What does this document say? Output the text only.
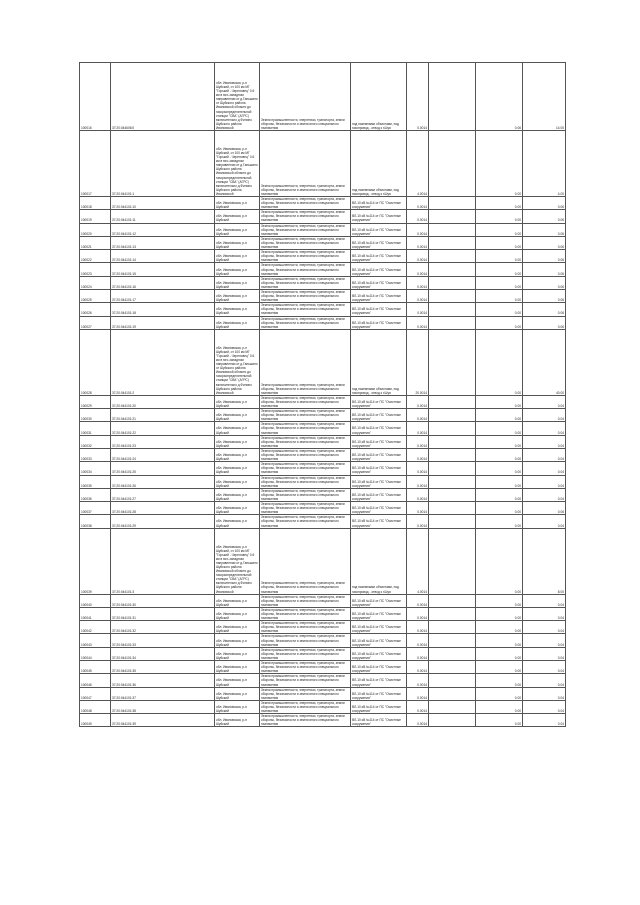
100016	37:20:044606:0	обл. Ивановская, р-н Шуйский, от 100 км МГ "Горький - Череповец" 0.6 км в юго-западном направлении от д.Ганьшино от Шуйского района Ивановской области до газораспределительной станции "СВА" (АГРС) включительно д.Филино Шуйского района Ивановской	Земли промышленности, энергетики, транспорта, земли обороны, безопасности и земли иного специального назначения	под наземными объектами, под газопровод - отвод к г.Шуя	0.0014		0.06	14.00
100017	37:20:044101:1	обл. Ивановская, р-н Шуйский, от 100 км МГ "Горький - Череповец" 0.6 км в юго-западном направлении от д.Ганьшино Шуйского района Ивановской области до газораспределительной станции "СВА" (АГРС) включительно д.Филино Шуйского района Ивановской	Земли промышленности, энергетики, транспорта, земли обороны, безопасности и земли иного специального назначения	под наземными объектами, под газопровод - отвод к г.Шуя	4.0014		0.00	4.00
100018	37:20:044101:10	обл. Ивановская, р-н Шуйский	Земли промышленности, энергетики, транспорта, земли обороны, безопасности и земли иного специального назначения	ВЛ-10 кВ №114 от ПС "Очистные сооружения"	0.0014		0.00	0.06
100019	37:20:044101:11	обл. Ивановская, р-н Шуйский	Земли промышленности, энергетики, транспорта, земли обороны, безопасности и земли иного специального назначения	ВЛ-10 кВ №114 от ПС "Очистные сооружения"	0.0014		0.00	0.06
100020	37:20:044101:12	обл. Ивановская, р-н Шуйский	Земли промышленности, энергетики, транспорта, земли обороны, безопасности и земли иного специального назначения	ВЛ-10 кВ №114 от ПС "Очистные сооружения"	0.0014		0.00	0.06
100021	37:20:044101:13	обл. Ивановская, р-н Шуйский	Земли промышленности, энергетики, транспорта, земли обороны, безопасности и земли иного специального назначения	ВЛ-10 кВ №114 от ПС "Очистные сооружения"	0.0014		0.00	0.06
100022	37:20:044101:14	обл. Ивановская, р-н Шуйский	Земли промышленности, энергетики, транспорта, земли обороны, безопасности и земли иного специального назначения	ВЛ-10 кВ №114 от ПС "Очистные сооружения"	0.0014		0.00	0.06
100023	37:20:044101:15	обл. Ивановская, р-н Шуйский	Земли промышленности, энергетики, транспорта, земли обороны, безопасности и земли иного специального назначения	ВЛ-10 кВ №114 от ПС "Очистные сооружения"	0.0014		0.00	0.06
100024	37:20:044101:16	обл. Ивановская, р-н Шуйский	Земли промышленности, энергетики, транспорта, земли обороны, безопасности и земли иного специального назначения	ВЛ-10 кВ №114 от ПС "Очистные сооружения"	0.0014		0.00	0.06
100025	37:20:044101:17	обл. Ивановская, р-н Шуйский	Земли промышленности, энергетики, транспорта, земли обороны, безопасности и земли иного специального назначения	ВЛ-10 кВ №114 от ПС "Очистные сооружения"	0.0014		0.00	0.06
100026	37:20:044101:18	обл. Ивановская, р-н Шуйский	Земли промышленности, энергетики, транспорта, земли обороны, безопасности и земли иного специального назначения	ВЛ-10 кВ №114 от ПС "Очистные сооружения"	0.0014		0.00	0.06
100027	37:20:044101:19	обл. Ивановская, р-н Шуйский	Земли промышленности, энергетики, транспорта, земли обороны, безопасности и земли иного специального назначения	ВЛ-10 кВ №114 от ПС "Очистные сооружения"	0.0014		0.00	0.06
100028	37:20:044101:2	обл. Ивановская, р-н Шуйский, от 100 км МГ "Горький - Череповец" 0.6 км в юго-западном направлении от д.Ганьшино от Шуйского района Ивановской области до газораспределительной станции "СВА" (АГРС) включительно д.Филино Шуйского района Ивановской	Земли промышленности, энергетики, транспорта, земли обороны, безопасности и земли иного специального назначения	под наземными объектами, под газопровод - отвод к г.Шуя	20.0014		0.00	40.00
100029	37:20:044101:20	обл. Ивановская, р-н Шуйский	Земли промышленности, энергетики, транспорта, земли обороны, безопасности и земли иного специального назначения	ВЛ-10 кВ №114 от ПС "Очистные сооружения"	0.0014		0.00	0.04
100030	37:20:044101:21	обл. Ивановская, р-н Шуйский	Земли промышленности, энергетики, транспорта, земли обороны, безопасности и земли иного специального назначения	ВЛ-10 кВ №114 от ПС "Очистные сооружения"	0.0014		0.00	0.04
100031	37:20:044101:22	обл. Ивановская, р-н Шуйский	Земли промышленности, энергетики, транспорта, земли обороны, безопасности и земли иного специального назначения	ВЛ-10 кВ №114 от ПС "Очистные сооружения"	0.0014		0.00	0.04
100032	37:20:044101:23	обл. Ивановская, р-н Шуйский	Земли промышленности, энергетики, транспорта, земли обороны, безопасности и земли иного специального назначения	ВЛ-10 кВ №114 от ПС "Очистные сооружения"	0.0014		0.00	0.04
100033	37:20:044101:24	обл. Ивановская, р-н Шуйский	Земли промышленности, энергетики, транспорта, земли обороны, безопасности и земли иного специального назначения	ВЛ-10 кВ №114 от ПС "Очистные сооружения"	0.0014		0.00	0.04
100034	37:20:044101:25	обл. Ивановская, р-н Шуйский	Земли промышленности, энергетики, транспорта, земли обороны, безопасности и земли иного специального назначения	ВЛ-10 кВ №114 от ПС "Очистные сооружения"	0.0014		0.00	0.04
100035	37:20:044101:26	обл. Ивановская, р-н Шуйский	Земли промышленности, энергетики, транспорта, земли обороны, безопасности и земли иного специального назначения	ВЛ-10 кВ №114 от ПС "Очистные сооружения"	0.0014		0.00	0.04
100036	37:20:044101:27	обл. Ивановская, р-н Шуйский	Земли промышленности, энергетики, транспорта, земли обороны, безопасности и земли иного специального назначения	ВЛ-10 кВ №114 от ПС "Очистные сооружения"	0.0014		0.00	0.04
100037	37:20:044101:28	обл. Ивановская, р-н Шуйский	Земли промышленности, энергетики, транспорта, земли обороны, безопасности и земли иного специального назначения	ВЛ-10 кВ №114 от ПС "Очистные сооружения"	0.0014		0.00	0.06
100038	37:20:044101:29	обл. Ивановская, р-н Шуйский	Земли промышленности, энергетики, транспорта, земли обороны, безопасности и земли иного специального назначения	ВЛ-10 кВ №114 от ПС "Очистные сооружения"	0.0014		0.00	0.04
100039	37:20:044101:3	обл. Ивановская, р-н Шуйский, от 100 км МГ "Горький - Череповец" 0.6 км в юго-западном направлении от д.Ганьшино Шуйского района Ивановской области до газораспределительной станции "СВА" (АГРС) включительно д.Филино Шуйского района Ивановской	Земли промышленности, энергетики, транспорта, земли обороны, безопасности и земли иного специального назначения	под наземными объектами, под газопровод - отвод к г.Шуя	4.0014		0.00	8.00
100040	37:20:044101:30	обл. Ивановская, р-н Шуйский	Земли промышленности, энергетики, транспорта, земли обороны, безопасности и земли иного специального назначения	ВЛ-10 кВ №114 от ПС "Очистные сооружения"	0.0014		0.00	0.04
100041	37:20:044101:31	обл. Ивановская, р-н Шуйский	Земли промышленности, энергетики, транспорта, земли обороны, безопасности и земли иного специального назначения	ВЛ-10 кВ №114 от ПС "Очистные сооружения"	0.0014		0.00	0.04
100042	37:20:044101:32	обл. Ивановская, р-н Шуйский	Земли промышленности, энергетики, транспорта, земли обороны, безопасности и земли иного специального назначения	ВЛ-10 кВ №114 от ПС "Очистные сооружения"	0.0014		0.00	0.04
100043	37:20:044101:33	обл. Ивановская, р-н Шуйский	Земли промышленности, энергетики, транспорта, земли обороны, безопасности и земли иного специального назначения	ВЛ-10 кВ №114 от ПС "Очистные сооружения"	0.0014		0.00	0.04
100044	37:20:044101:34	обл. Ивановская, р-н Шуйский	Земли промышленности, энергетики, транспорта, земли обороны, безопасности и земли иного специального назначения	ВЛ-10 кВ №114 от ПС "Очистные сооружения"	0.0014		0.00	0.04
100045	37:20:044101:35	обл. Ивановская, р-н Шуйский	Земли промышленности, энергетики, транспорта, земли обороны, безопасности и земли иного специального назначения	ВЛ-10 кВ №114 от ПС "Очистные сооружения"	0.0014		0.00	0.04
100046	37:20:044101:36	обл. Ивановская, р-н Шуйский	Земли промышленности, энергетики, транспорта, земли обороны, безопасности и земли иного специального назначения	ВЛ-10 кВ №114 от ПС "Очистные сооружения"	0.0014		0.00	0.04
100047	37:20:044101:37	обл. Ивановская, р-н Шуйский	Земли промышленности, энергетики, транспорта, земли обороны, безопасности и земли иного специального назначения	ВЛ-10 кВ №114 от ПС "Очистные сооружения"	0.0014		0.00	0.04
100048	37:20:044101:38	обл. Ивановская, р-н Шуйский	Земли промышленности, энергетики, транспорта, земли обороны, безопасности и земли иного специального назначения	ВЛ-10 кВ №114 от ПС "Очистные сооружения"	0.0014		0.00	0.04
100049	37:20:044101:39	обл. Ивановская, р-н Шуйский	Земли промышленности, энергетики, транспорта, земли обороны, безопасности и земли иного специального назначения	ВЛ-10 кВ №114 от ПС "Очистные сооружения"	0.0014		0.00	0.04
